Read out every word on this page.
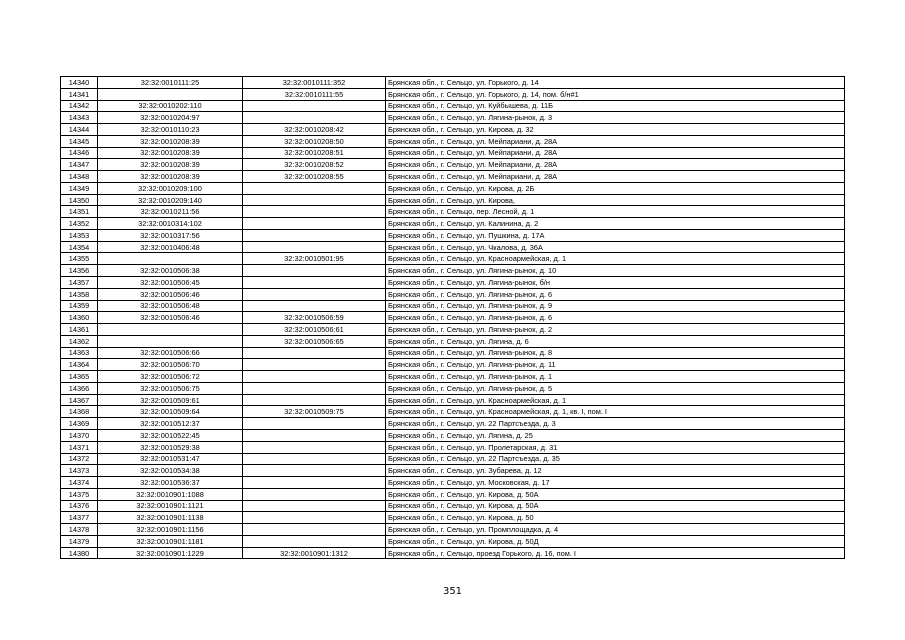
14340	32:32:0010111:25	32:32:0010111:352	Брянская обл., г. Сельцо, ул. Горького, д. 14
14341		32:32:0010111:55	Брянская обл., г. Сельцо, ул. Горького, д. 14, пом. б/н#1
14342	32:32:0010202:110		Брянская обл., г. Сельцо, ул. Куйбышева, д. 11Б
14343	32:32:0010204:97		Брянская обл., г. Сельцо, ул. Лягина-рынок, д. 3
14344	32:32:0010110:23	32:32:0010208:42	Брянская обл., г. Сельцо, ул. Кирова, д. 32
14345	32:32:0010208:39	32:32:0010208:50	Брянская обл., г. Сельцо, ул. Мейпариани, д. 28А
14346	32:32:0010208:39	32:32:0010208:51	Брянская обл., г. Сельцо, ул. Мейпариани, д. 28А
14347	32:32:0010208:39	32:32:0010208:52	Брянская обл., г. Сельцо, ул. Мейпариани, д. 28А
14348	32:32:0010208:39	32:32:0010208:55	Брянская обл., г. Сельцо, ул. Мейпариани, д. 28А
14349	32:32:0010209:100		Брянская обл., г. Сельцо, ул. Кирова, д. 2Б
14350	32:32:0010209:140		Брянская обл., г. Сельцо, ул. Кирова,
14351	32:32:0010211:56		Брянская обл., г. Сельцо, пер. Лесной, д. 1
14352	32:32:0010314:102		Брянская обл., г. Сельцо, ул. Калинина, д. 2
14353	32:32:0010317:56		Брянская обл., г. Сельцо, ул. Пушкина, д. 17А
14354	32:32:0010406:48		Брянская обл., г. Сельцо, ул. Чкалова, д. 36А
14355		32:32:0010501:95	Брянская обл., г. Сельцо, ул. Красноармейская, д. 1
14356	32:32:0010506:38		Брянская обл., г. Сельцо, ул. Лягина-рынок, д. 10
14357	32:32:0010506:45		Брянская обл., г. Сельцо, ул. Лягина-рынок, б/н
14358	32:32:0010506:46		Брянская обл., г. Сельцо, ул. Лягина-рынок, д. 6
14359	32:32:0010506:48		Брянская обл., г. Сельцо, ул. Лягина-рынок, д. 9
14360	32:32:0010506:46	32:32:0010506:59	Брянская обл., г. Сельцо, ул. Лягина-рынок, д. 6
14361		32:32:0010506:61	Брянская обл., г. Сельцо, ул. Лягина-рынок, д. 2
14362		32:32:0010506:65	Брянская обл., г. Сельцо, ул. Лягина, д. 6
14363	32:32:0010506:66		Брянская обл., г. Сельцо, ул. Лягина-рынок, д. 8
14364	32:32:0010506:70		Брянская обл., г. Сельцо, ул. Лягина-рынок, д. 11
14365	32:32:0010506:72		Брянская обл., г. Сельцо, ул. Лягина-рынок, д. 1
14366	32:32:0010506:75		Брянская обл., г. Сельцо, ул. Лягина-рынок, д. 5
14367	32:32:0010509:61		Брянская обл., г. Сельцо, ул. Красноармейская, д. 1
14368	32:32:0010509:64	32:32:0010509:75	Брянская обл., г. Сельцо, ул. Красноармейская, д. 1, кв. I, пом. I
14369	32:32:0010512:37		Брянская обл., г. Сельцо, ул. 22 Партсъезда, д. 3
14370	32:32:0010522:45		Брянская обл., г. Сельцо, ул. Лягина, д. 25
14371	32:32:0010529:38		Брянская обл., г. Сельцо, ул. Пролетарская, д. 31
14372	32:32:0010531:47		Брянская обл., г. Сельцо, ул. 22 Партсъезда, д. 35
14373	32:32:0010534:38		Брянская обл., г. Сельцо, ул. Зубарева, д. 12
14374	32:32:0010536:37		Брянская обл., г. Сельцо, ул. Московская, д. 17
14375	32:32:0010901:1088		Брянская обл., г. Сельцо, ул. Кирова, д. 50А
14376	32:32:0010901:1121		Брянская обл., г. Сельцо, ул. Кирова, д. 50А
14377	32:32:0010901:1138		Брянская обл., г. Сельцо, ул. Кирова, д. 50
14378	32:32:0010901:1156		Брянская обл., г. Сельцо, ул. Промплощадка, д. 4
14379	32:32:0010901:1181		Брянская обл., г. Сельцо, ул. Кирова, д. 50Д
14380	32:32:0010901:1229	32:32:0010901:1312	Брянская обл., г. Сельцо, проезд Горького, д. 16, пом. I
351
